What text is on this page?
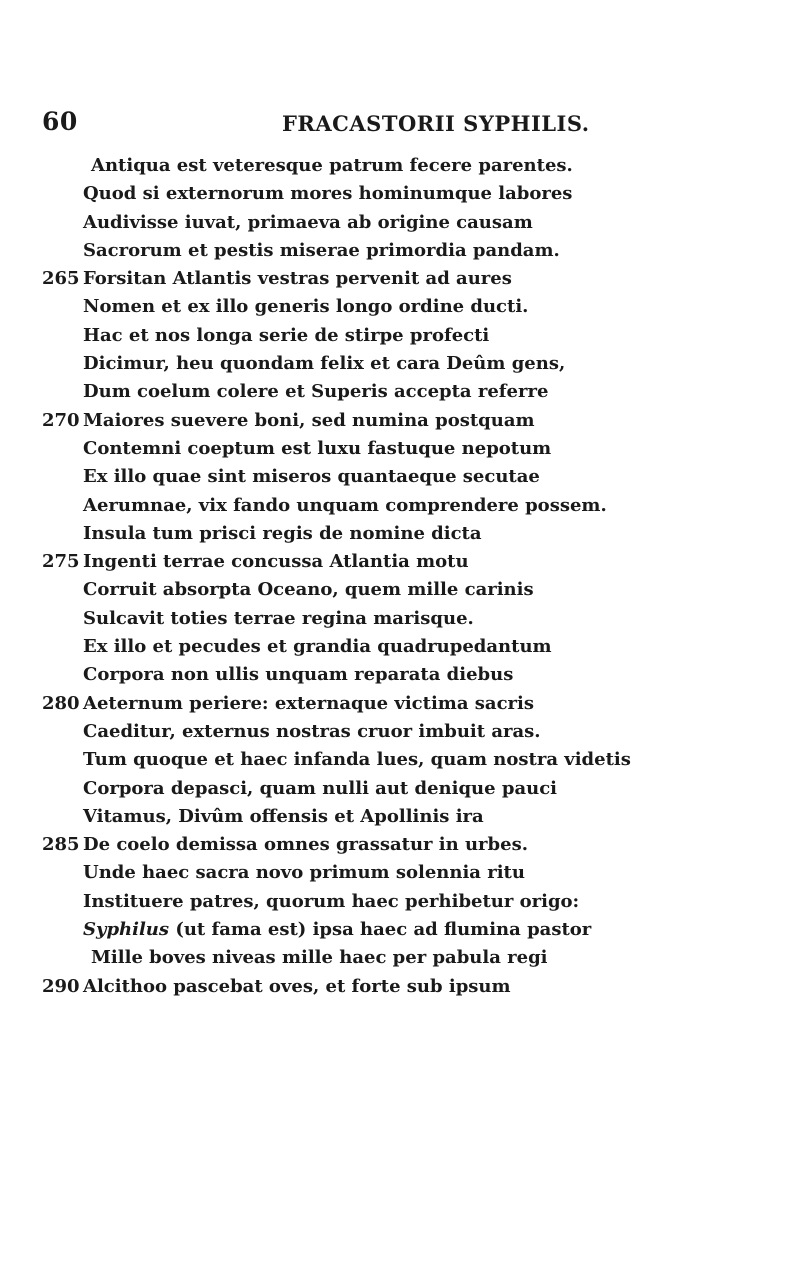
60	FRACASTORII SYPHILIS.
Antiqua est veteresque patrum fecere parentes.
Quod si externorum mores hominumque labores
Audivisse iuvat, primaeva ab origine causam
Sacrorum et pestis miserae primordia pandam.
265 Forsitan Atlantis vestras pervenit ad aures
Nomen et ex illo generis longo ordine ducti.
Hac et nos longa serie de stirpe profecti
Dicimur, heu quondam felix et cara Deûm gens,
Dum coelum colere et Superis accepta referre
270 Maiores suevere boni, sed numina postquam
Contemni coeptum est luxu fastuque nepotum
Ex illo quae sint miseros quantaeque secutae
Aerumnae, vix fando unquam comprendere possem.
Insula tum prisci regis de nomine dicta
275 Ingenti terrae concussa Atlantia motu
Corruit absorpta Oceano, quem mille carinis
Sulcavit toties terrae regina marisque.
Ex illo et pecudes et grandia quadrupedantum
Corpora non ullis unquam reparata diebus
280 Aeternum periere: externaque victima sacris
Caeditur, externus nostras cruor imbuit aras.
Tum quoque et haec infanda lues, quam nostra videtis
Corpora depasci, quam nulli aut denique pauci
Vitamus, Divûm offensis et Apollinis ira
285 De coelo demissa omnes grassatur in urbes.
Unde haec sacra novo primum solennia ritu
Instituere patres, quorum haec perhibetur origo:
Syphilus (ut fama est) ipsa haec ad flumina pastor
Mille boves niveas mille haec per pabula regi
290 Alcithoo pascebat oves, et forte sub ipsum
